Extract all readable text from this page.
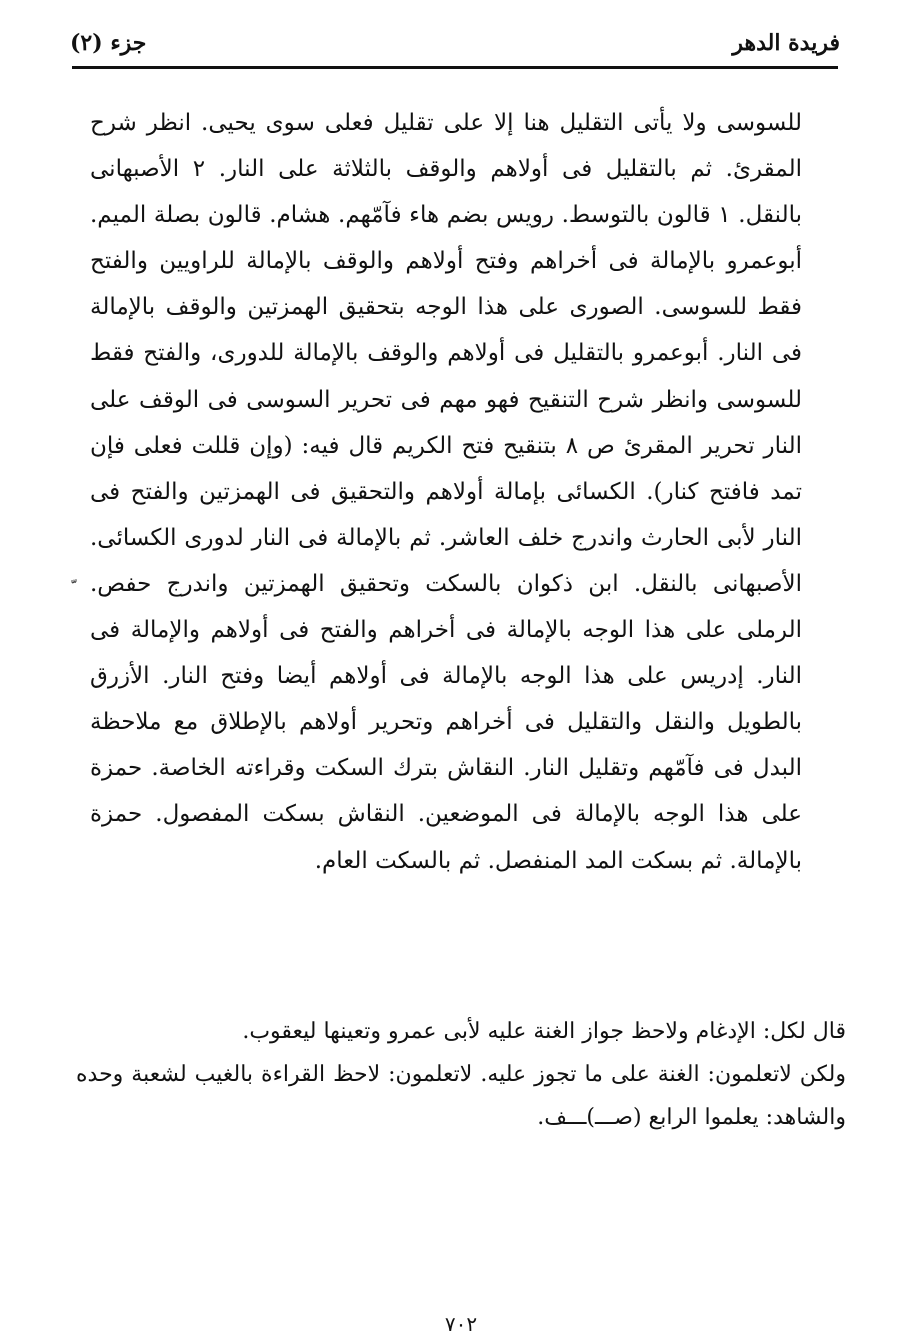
فريدة الدهر
جزء (٢)

للسوسى ولا يأتى التقليل هنا إلا على تقليل فعلى سوى يحيى. انظر شرح المقرئ. ثم بالتقليل فى أولاهم والوقف بالثلاثة على النار. ٢ الأصبهانى بالنقل. ١ قالون بالتوسط. رويس بضم هاء فآمّهم. هشام. قالون بصلة الميم. أبوعمرو بالإمالة فى أخراهم وفتح أولاهم والوقف بالإمالة للراويين والفتح فقط للسوسى. الصورى على هذا الوجه بتحقيق الهمزتين والوقف بالإمالة فى النار. أبوعمرو بالتقليل فى أولاهم والوقف بالإمالة للدورى، والفتح فقط للسوسى وانظر شرح التنقيح فهو مهم فى تحرير السوسى فى الوقف على النار تحرير المقرئ ص ٨ بتنقيح فتح الكريم قال فيه: (وإن قللت فعلى فإن تمد فافتح كنار). الكسائى بإمالة أولاهم والتحقيق فى الهمزتين والفتح فى النار لأبى الحارث واندرج خلف العاشر. ثم بالإمالة فى النار لدورى الكسائى. الأصبهانى بالنقل. ابن ذكوان بالسكت وتحقيق الهمزتين واندرج حفص. الرملى على هذا الوجه بالإمالة فى أخراهم والفتح فى أولاهم والإمالة فى النار. إدريس على هذا الوجه بالإمالة فى أولاهم أيضا وفتح النار. الأزرق بالطويل والنقل والتقليل فى أخراهم وتحرير أولاهم بالإطلاق مع ملاحظة البدل فى فآمّهم وتقليل النار. النقاش بترك السكت وقراءته الخاصة. حمزة على هذا الوجه بالإمالة فى الموضعين. النقاش بسكت المفصول. حمزة بالإمالة. ثم بسكت المد المنفصل. ثم بالسكت العام.

قال لكل: الإدغام ولاحظ جواز الغنة عليه لأبى عمرو وتعينها ليعقوب.

ولكن لاتعلمون: الغنة على ما تجوز عليه. لاتعلمون: لاحظ القراءة بالغيب لشعبة وحده والشاهد: يعلموا الرابع (صـــ)ـــف.

٧٠٢
